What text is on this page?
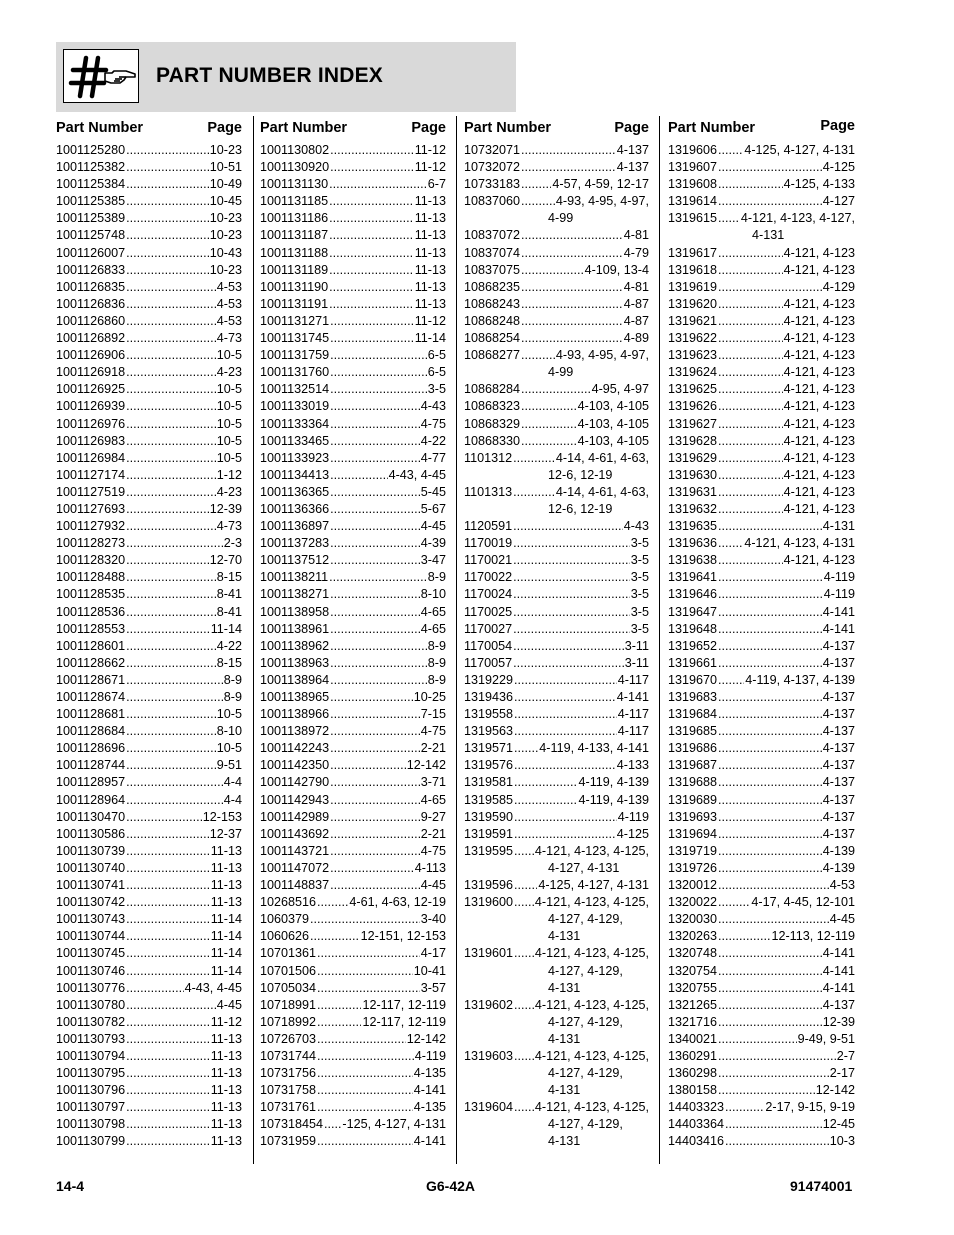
PART NUMBER INDEX
Part Number	Page
1001125280 .....	10-23
1001125382 .....	10-51
1001125384 .....	10-49
1001125385 .....	10-45
1001125389 .....	10-23
1001125748 .....	10-23
1001126007 .....	10-43
1001126833 .....	10-23
1001126835 .....	4-53
1001126836 .....	4-53
1001126860 .....	4-53
1001126892 .....	4-73
1001126906 .....	10-5
1001126918 .....	4-23
1001126925 .....	10-5
1001126939 .....	10-5
1001126976 .....	10-5
1001126983 .....	10-5
1001126984 .....	10-5
1001127174 .....	1-12
1001127519 .....	4-23
1001127693 .....	12-39
1001127932 .....	4-73
1001128273 .....	2-3
1001128320 .....	12-70
1001128488 .....	8-15
1001128535 .....	8-41
1001128536 .....	8-41
1001128553 .....	11-14
1001128601 .....	4-22
1001128662 .....	8-15
1001128671 .....	8-9
1001128674 .....	8-9
1001128681 .....	10-5
1001128684 .....	8-10
1001128696 .....	10-5
1001128744 .....	9-51
1001128957 .....	4-4
1001128964 .....	4-4
1001130470 .....	12-153
1001130586 .....	12-37
1001130739 .....	11-13
1001130740 .....	11-13
1001130741 .....	11-13
1001130742 .....	11-13
1001130743 .....	11-14
1001130744 .....	11-14
1001130745 .....	11-14
1001130746 .....	11-14
1001130776 .....	4-43, 4-45
1001130780 .....	4-45
1001130782 .....	11-12
1001130793 .....	11-13
1001130794 .....	11-13
1001130795 .....	11-13
1001130796 .....	11-13
1001130797 .....	11-13
1001130798 .....	11-13
1001130799 .....	11-13
Part Number	Page
1001130802 .....	11-12
1001130920 .....	11-12
1001131130 .....	6-7
1001131185 .....	11-13
1001131186 .....	11-13
1001131187 .....	11-13
1001131188 .....	11-13
1001131189 .....	11-13
1001131190 .....	11-13
1001131191 .....	11-13
1001131271 .....	11-12
1001131745 .....	11-14
1001131759 .....	6-5
1001131760 .....	6-5
1001132514 .....	3-5
1001133019 .....	4-43
1001133364 .....	4-75
1001133465 .....	4-22
1001133923 .....	4-77
1001134413 .....	4-43, 4-45
1001136365 .....	5-45
1001136366 .....	5-67
1001136897 .....	4-45
1001137283 .....	4-39
1001137512 .....	3-47
1001138211 .....	8-9
1001138271 .....	8-10
1001138958 .....	4-65
1001138961 .....	4-65
1001138962 .....	8-9
1001138963 .....	8-9
1001138964 .....	8-9
1001138965 .....	10-25
1001138966 .....	7-15
1001138972 .....	4-75
1001142243 .....	2-21
1001142350 .....	12-142
1001142790 .....	3-71
1001142943 .....	4-65
1001142989 .....	9-27
1001143692 .....	2-21
1001143721 .....	4-75
1001147072 .....	4-113
1001148837 .....	4-45
10268516 .....	4-61, 4-63, 12-19
1060379 .....	3-40
1060626 .....	12-151, 12-153
10701361 .....	4-17
10701506 .....	10-41
10705034 .....	3-57
10718991 .....	12-117, 12-119
10718992 .....	12-117, 12-119
10726703 .....	12-142
10731744 .....	4-119
10731756 .....	4-135
10731758 .....	4-141
10731761 .....	4-135
107318454 ..... -125, 4-127, 4-131
10731959 .....	4-141
Part Number	Page
10732071 .....	4-137
10732072 .....	4-137
10733183 .....	4-57, 4-59, 12-17
10837060 .....	4-93, 4-95, 4-97,
4-99
10837072 .....	4-81
10837074 .....	4-79
10837075 .....	4-109, 13-4
10868235 .....	4-81
10868243 .....	4-87
10868248 .....	4-87
10868254 .....	4-89
10868277 .....	4-93, 4-95, 4-97,
4-99
10868284 .....	4-95, 4-97
10868323 .....	4-103, 4-105
10868329 .....	4-103, 4-105
10868330 .....	4-103, 4-105
1101312 .....	4-14, 4-61, 4-63,
12-6, 12-19
1101313 .....	4-14, 4-61, 4-63,
12-6, 12-19
1120591 .....	4-43
1170019 .....	3-5
1170021 .....	3-5
1170022 .....	3-5
1170024 .....	3-5
1170025 .....	3-5
1170027 .....	3-5
1170054 .....	3-11
1170057 .....	3-11
1319229 .....	4-117
1319436 .....	4-141
1319558 .....	4-117
1319563 .....	4-117
1319571 ..... 4-119, 4-133, 4-141
1319576 .....	4-133
1319581 .....	4-119, 4-139
1319585 .....	4-119, 4-139
1319590 .....	4-119
1319591 .....	4-125
1319595 ..... 4-121, 4-123, 4-125,
4-127, 4-131
1319596 ..... 4-125, 4-127, 4-131
1319600 ..... 4-121, 4-123, 4-125,
4-127, 4-129,
4-131
1319601 ..... 4-121, 4-123, 4-125,
4-127, 4-129,
4-131
1319602 ..... 4-121, 4-123, 4-125,
4-127, 4-129,
4-131
1319603 ..... 4-121, 4-123, 4-125,
4-127, 4-129,
4-131
1319604 ..... 4-121, 4-123, 4-125,
4-127, 4-129,
4-131
Part Number	Page
1319606 ..... 4-125, 4-127, 4-131
1319607 .....	4-125
1319608 .....	4-125, 4-133
1319614 .....	4-127
1319615 ..... 4-121, 4-123, 4-127,
4-131
1319617 .....	4-121, 4-123
1319618 .....	4-121, 4-123
1319619 .....	4-129
1319620 .....	4-121, 4-123
1319621 .....	4-121, 4-123
1319622 .....	4-121, 4-123
1319623 .....	4-121, 4-123
1319624 .....	4-121, 4-123
1319625 .....	4-121, 4-123
1319626 .....	4-121, 4-123
1319627 .....	4-121, 4-123
1319628 .....	4-121, 4-123
1319629 .....	4-121, 4-123
1319630 .....	4-121, 4-123
1319631 .....	4-121, 4-123
1319632 .....	4-121, 4-123
1319635 .....	4-131
1319636 ..... 4-121, 4-123, 4-131
1319638 .....	4-121, 4-123
1319641 .....	4-119
1319646 .....	4-119
1319647 .....	4-141
1319648 .....	4-141
1319652 .....	4-137
1319661 .....	4-137
1319670 ..... 4-119, 4-137, 4-139
1319683 .....	4-137
1319684 .....	4-137
1319685 .....	4-137
1319686 .....	4-137
1319687 .....	4-137
1319688 .....	4-137
1319689 .....	4-137
1319693 .....	4-137
1319694 .....	4-137
1319719 .....	4-139
1319726 .....	4-139
1320012 .....	4-53
1320022 .....	4-17, 4-45, 12-101
1320030 .....	4-45
1320263 .....	12-113, 12-119
1320748 .....	4-141
1320754 .....	4-141
1320755 .....	4-141
1321265 .....	4-137
1321716 .....	12-39
1340021 .....	9-49, 9-51
1360291 .....	2-7
1360298 .....	2-17
1380158 .....	12-142
14403323 .....	2-17, 9-15, 9-19
14403364 .....	12-45
14403416 .....	10-3
14-4	G6-42A	91474001
